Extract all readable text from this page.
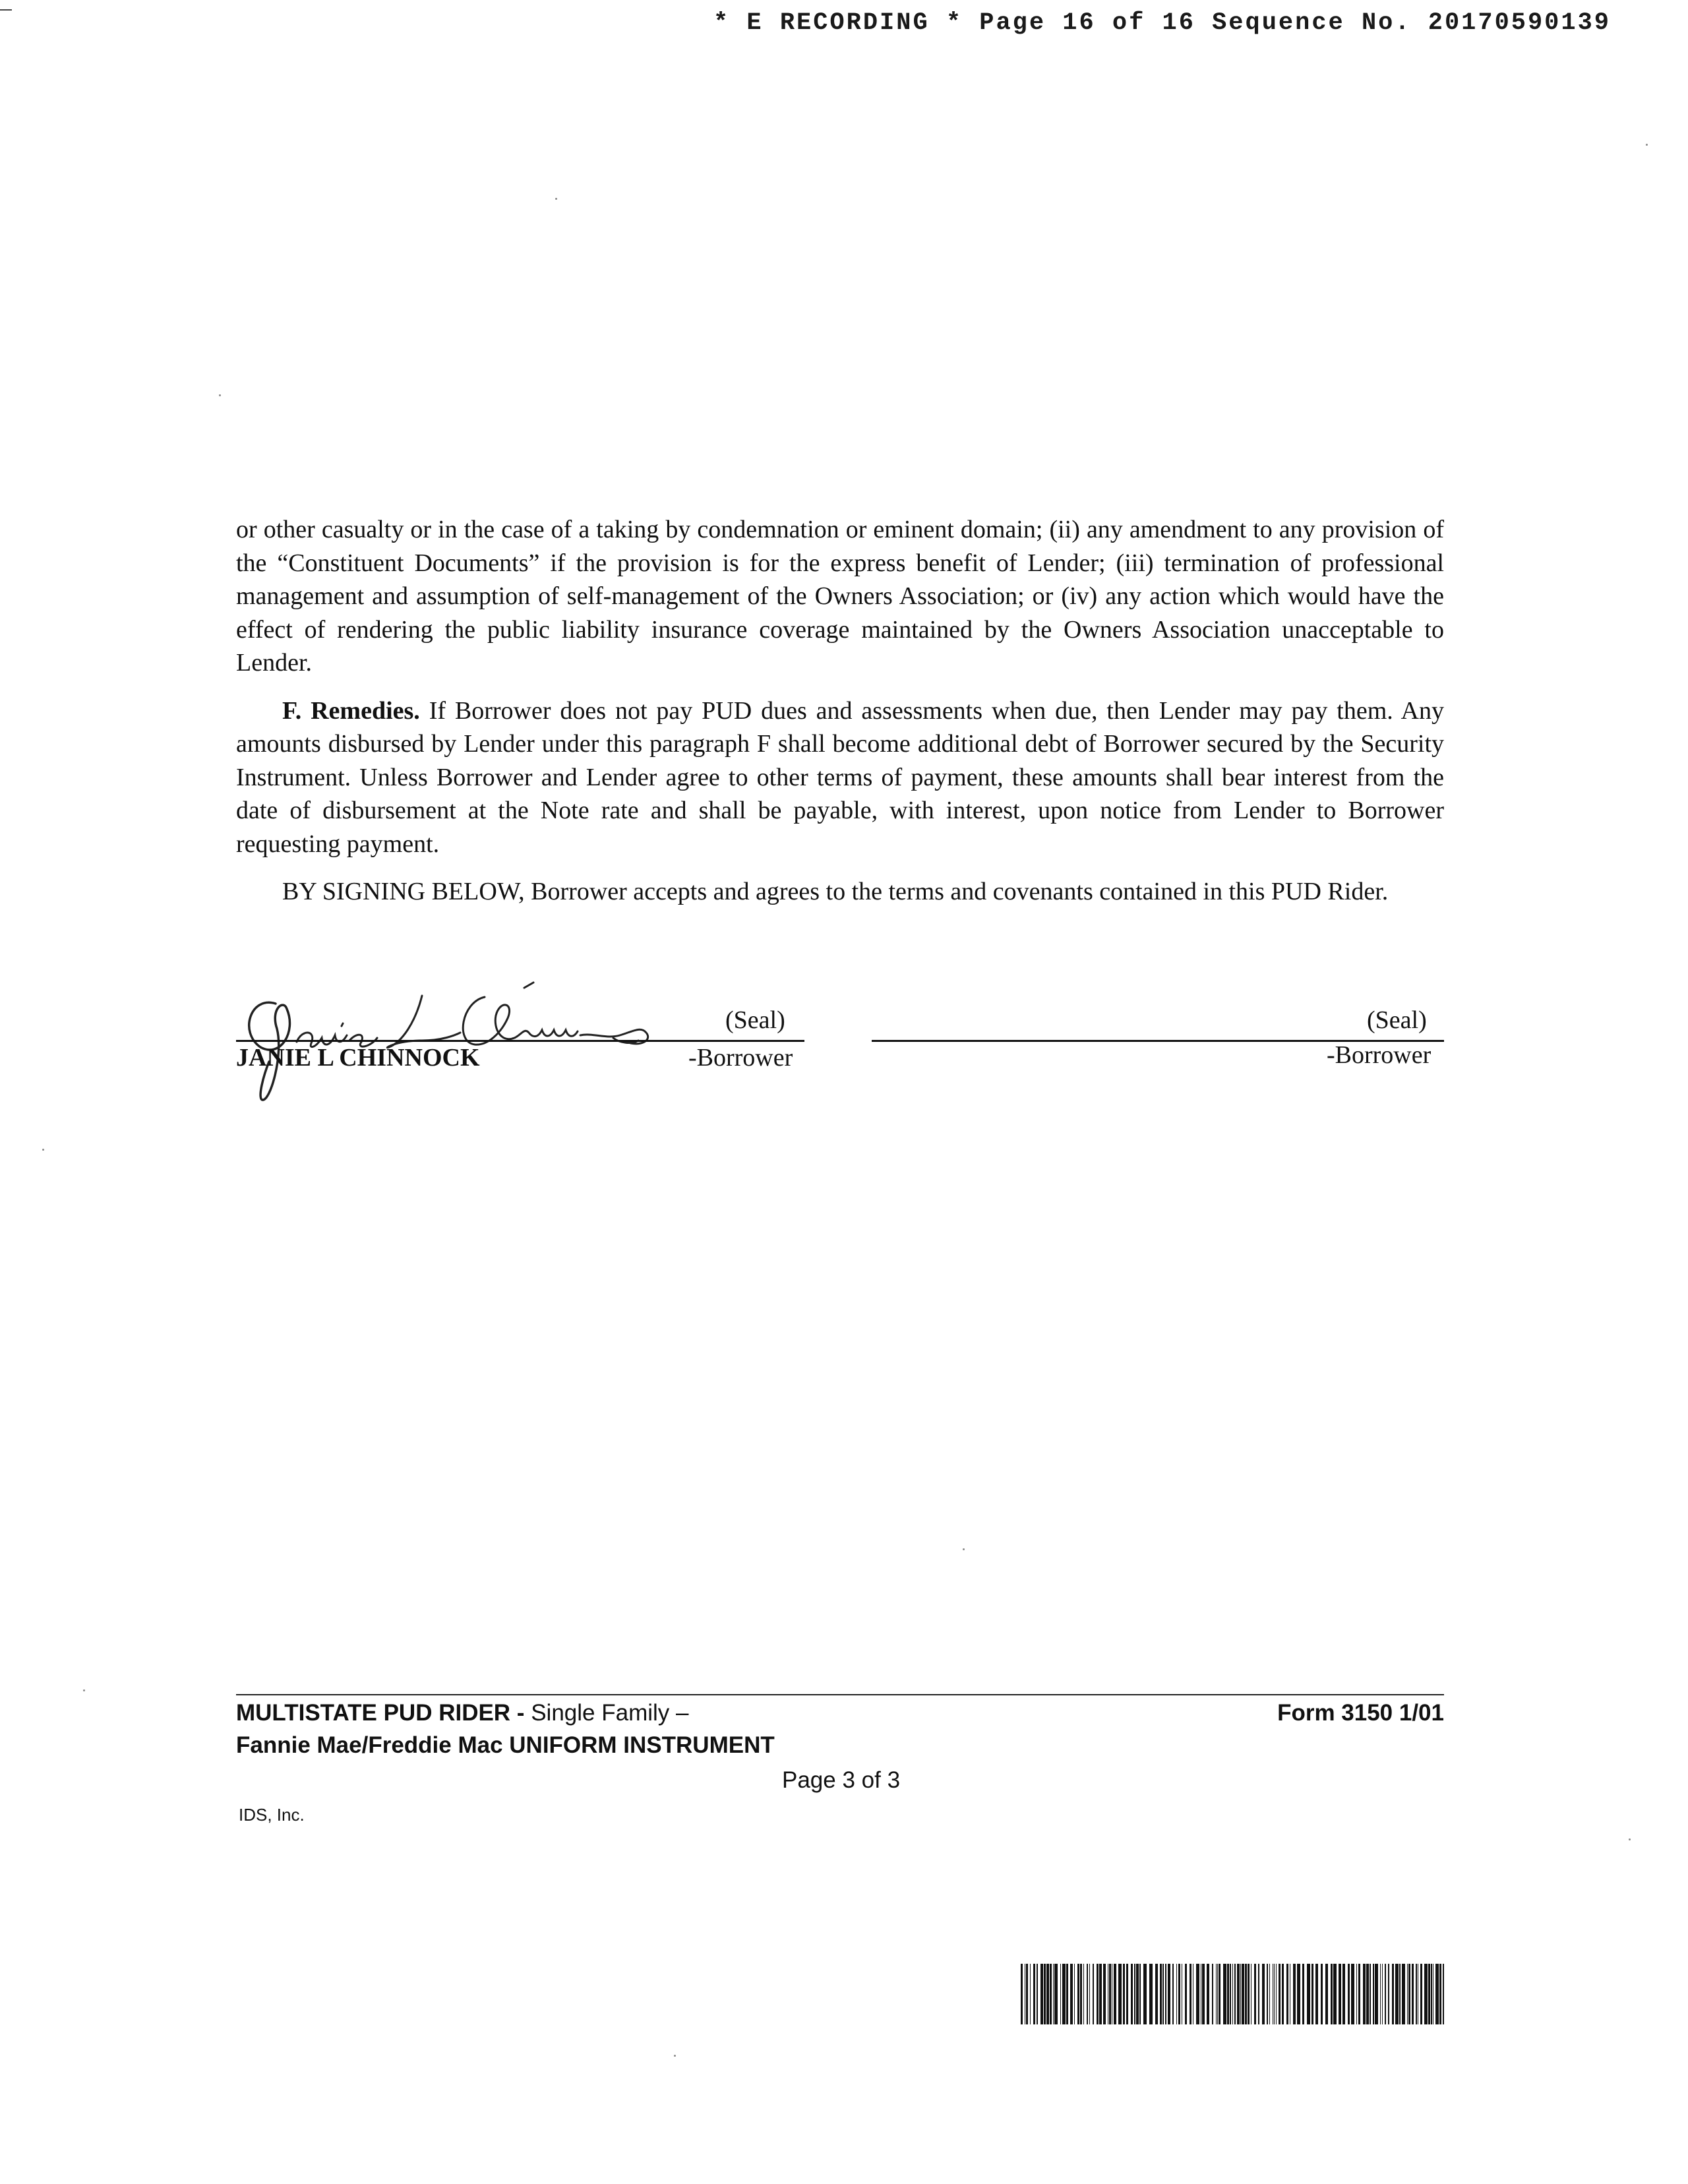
* E RECORDING * Page 16 of 16 Sequence No. 20170590139

or other casualty or in the case of a taking by condemnation or eminent domain; (ii) any amendment to any provision of the “Constituent Documents” if the provision is for the express benefit of Lender; (iii) termination of professional management and assumption of self-management of the Owners Association; or (iv) any action which would have the effect of rendering the public liability insurance coverage maintained by the Owners Association unacceptable to Lender.

F. Remedies. If Borrower does not pay PUD dues and assessments when due, then Lender may pay them. Any amounts disbursed by Lender under this paragraph F shall become additional debt of Borrower secured by the Security Instrument. Unless Borrower and Lender agree to other terms of payment, these amounts shall bear interest from the date of disbursement at the Note rate and shall be payable, with interest, upon notice from Lender to Borrower requesting payment.

BY SIGNING BELOW, Borrower accepts and agrees to the terms and covenants contained in this PUD Rider.

(Seal)
JANIE L CHINNOCK	-Borrower
(Seal)
-Borrower
MULTISTATE PUD RIDER - Single Family –
Fannie Mae/Freddie Mac UNIFORM INSTRUMENT
Form 3150 1/01
Page 3 of 3
IDS, Inc.
